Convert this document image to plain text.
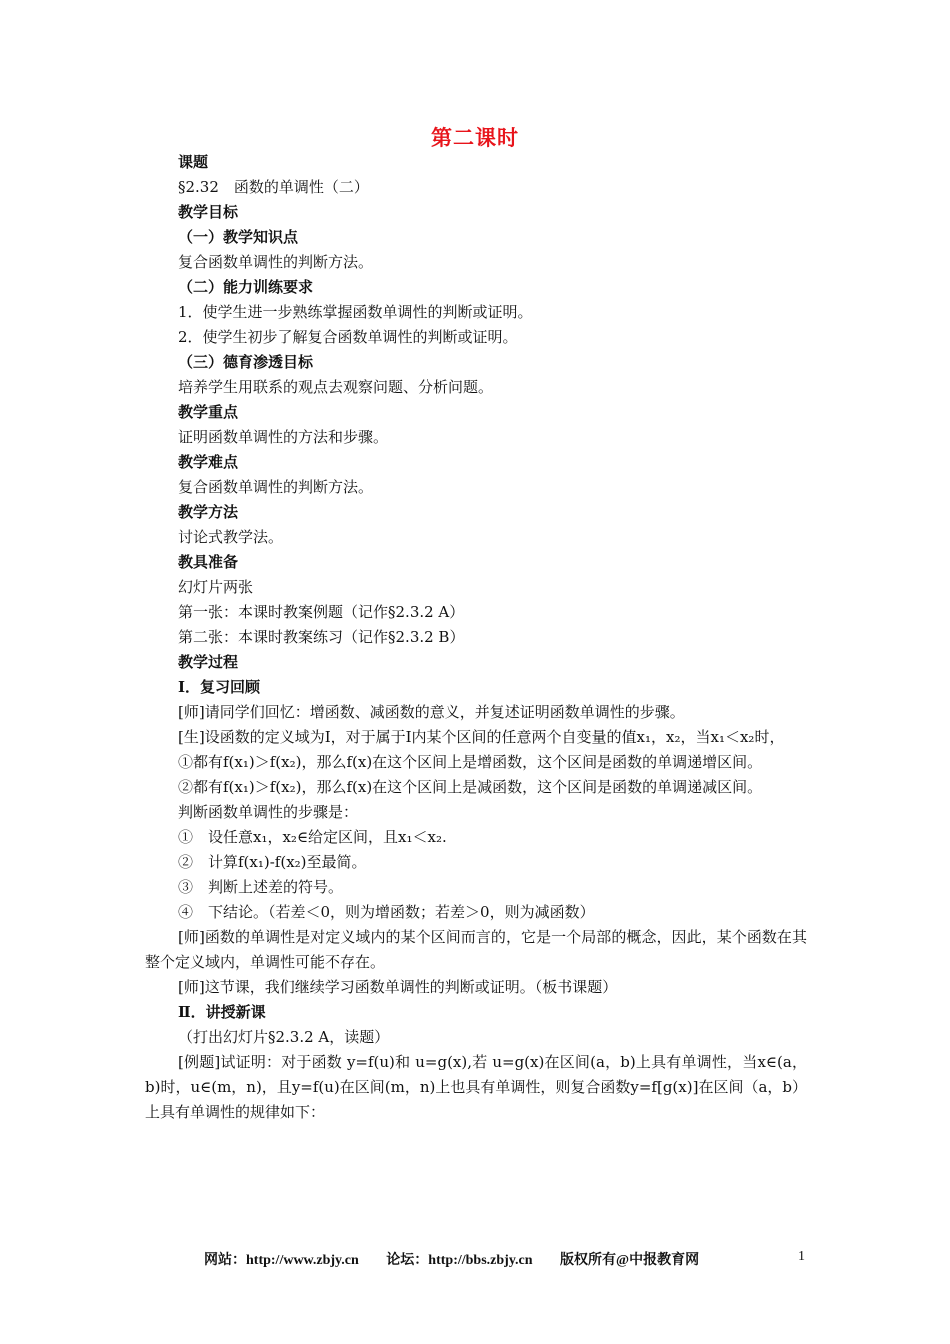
第二课时

课题

§2.32　函数的单调性（二）

教学目标

（一）教学知识点

复合函数单调性的判断方法。

（二）能力训练要求

1．使学生进一步熟练掌握函数单调性的判断或证明。

2．使学生初步了解复合函数单调性的判断或证明。

（三）德育渗透目标

培养学生用联系的观点去观察问题、分析问题。

教学重点

证明函数单调性的方法和步骤。

教学难点

复合函数单调性的判断方法。

教学方法

讨论式教学法。

教具准备

幻灯片两张

第一张：本课时教案例题（记作§2.3.2 A）

第二张：本课时教案练习（记作§2.3.2 B）

教学过程

Ⅰ．复习回顾

[师]请同学们回忆：增函数、减函数的意义，并复述证明函数单调性的步骤。

[生]设函数的定义域为I，对于属于I内某个区间的任意两个自变量的值x₁，x₂，当x₁＜x₂时，

①都有f(x₁)＞f(x₂)，那么f(x)在这个区间上是增函数，这个区间是函数的单调递增区间。

②都有f(x₁)＞f(x₂)，那么f(x)在这个区间上是减函数，这个区间是函数的单调递减区间。

判断函数单调性的步骤是：

①　设任意x₁，x₂∈给定区间，且x₁＜x₂.

②　计算f(x₁)-f(x₂)至最简。

③　判断上述差的符号。

④　下结论。（若差＜0，则为增函数；若差＞0，则为减函数）

[师]函数的单调性是对定义域内的某个区间而言的，它是一个局部的概念，因此，某个函数在其整个定义域内，单调性可能不存在。

[师]这节课，我们继续学习函数单调性的判断或证明。（板书课题）

Ⅱ．讲授新课

（打出幻灯片§2.3.2 A，读题）

[例题]试证明：对于函数 y=f(u)和 u=g(x),若 u=g(x)在区间(a，b)上具有单调性，当x∈(a，b)时，u∈(m，n)，且y=f(u)在区间(m，n)上也具有单调性，则复合函数y=f[g(x)]在区间（a，b）上具有单调性的规律如下：

网站：http://www.zbjy.cn 论坛：http://bbs.zbjy.cn 版权所有@中报教育网	1
